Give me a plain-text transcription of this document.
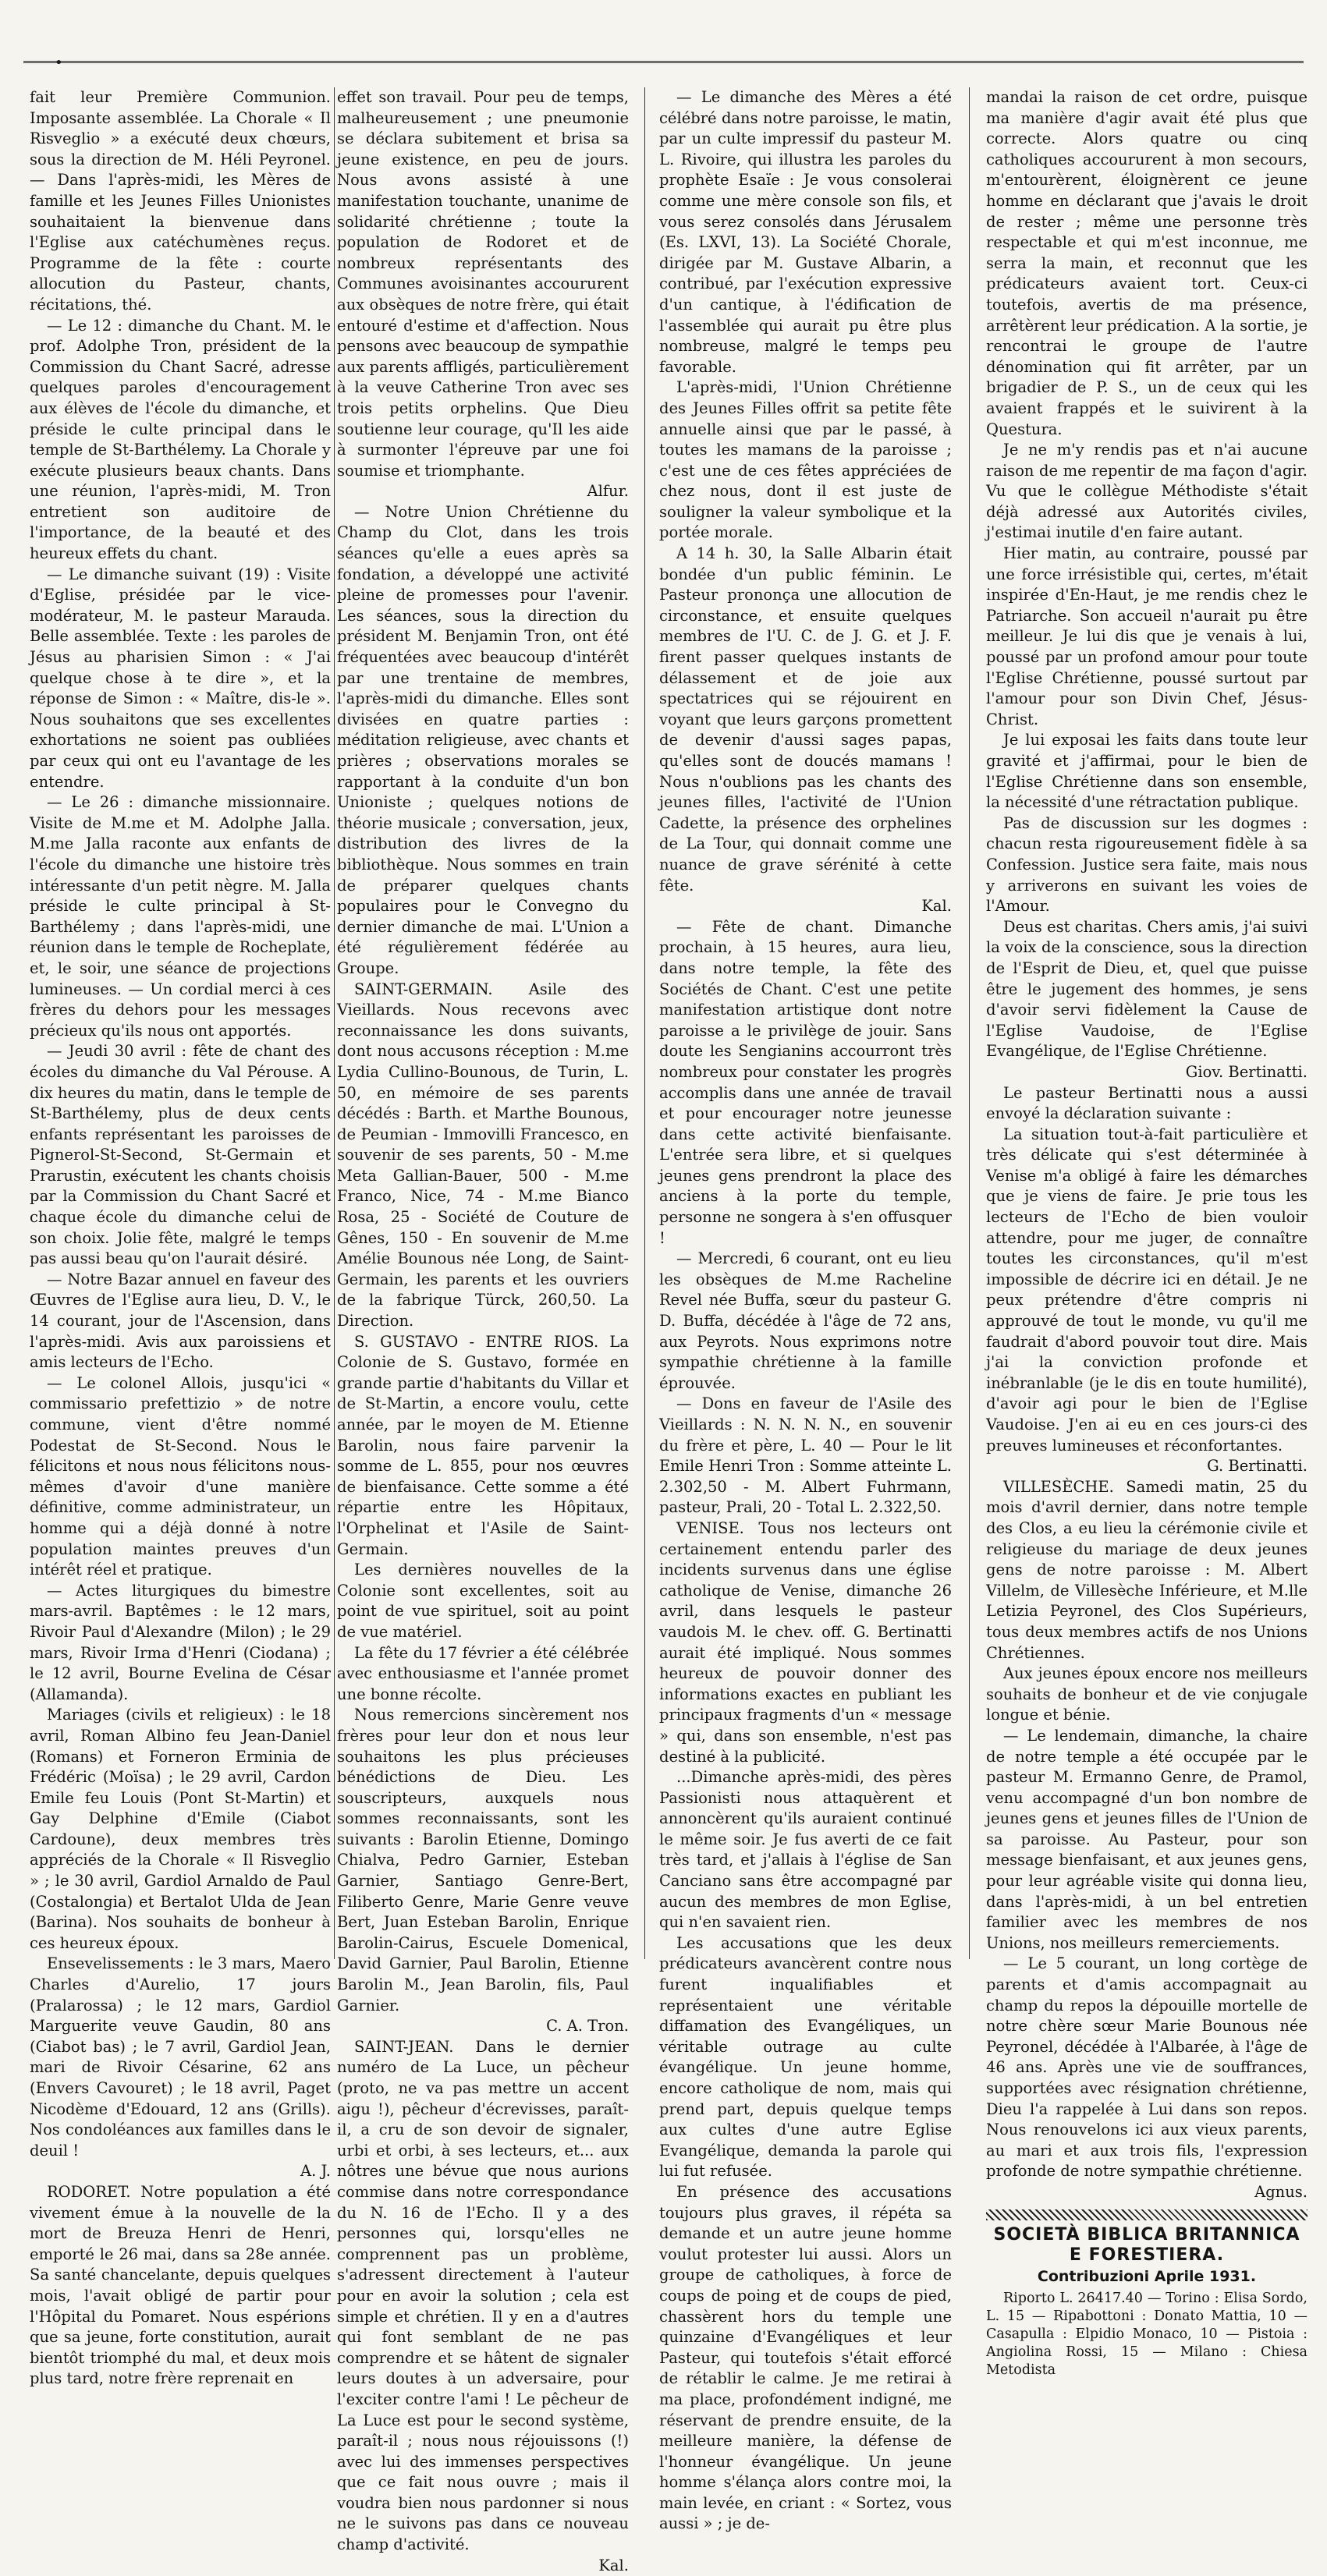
•

fait leur Première Communion. Imposante assemblée. La Chorale « Il Risveglio » a exécuté deux chœurs, sous la direction de M. Héli Peyronel. — Dans l'après-midi, les Mères de famille et les Jeunes Filles Unionistes souhaitaient la bienvenue dans l'Eglise aux catéchumènes reçus. Programme de la fête : courte allocution du Pasteur, chants, récitations, thé.

— Le 12 : dimanche du Chant. M. le prof. Adolphe Tron, président de la Commission du Chant Sacré, adresse quelques paroles d'encouragement aux élèves de l'école du dimanche, et préside le culte principal dans le temple de St-Barthélemy. La Chorale y exécute plusieurs beaux chants. Dans une réunion, l'après-midi, M. Tron entretient son auditoire de l'importance, de la beauté et des heureux effets du chant.

— Le dimanche suivant (19) : Visite d'Eglise, présidée par le vice-modérateur, M. le pasteur Marauda. Belle assemblée. Texte : les paroles de Jésus au pharisien Simon : « J'ai quelque chose à te dire », et la réponse de Simon : « Maître, dis-le ». Nous souhaitons que ses excellentes exhortations ne soient pas oubliées par ceux qui ont eu l'avantage de les entendre.

— Le 26 : dimanche missionnaire. Visite de M.me et M. Adolphe Jalla. M.me Jalla raconte aux enfants de l'école du dimanche une histoire très intéressante d'un petit nègre. M. Jalla préside le culte principal à St-Barthélemy ; dans l'après-midi, une réunion dans le temple de Rocheplate, et, le soir, une séance de projections lumineuses. — Un cordial merci à ces frères du dehors pour les messages précieux qu'ils nous ont apportés.

— Jeudi 30 avril : fête de chant des écoles du dimanche du Val Pérouse. A dix heures du matin, dans le temple de St-Barthélemy, plus de deux cents enfants représentant les paroisses de Pignerol-St-Second, St-Germain et Prarustin, exécutent les chants choisis par la Commission du Chant Sacré et chaque école du dimanche celui de son choix. Jolie fête, malgré le temps pas aussi beau qu'on l'aurait désiré.

— Notre Bazar annuel en faveur des Œuvres de l'Eglise aura lieu, D. V., le 14 courant, jour de l'Ascension, dans l'après-midi. Avis aux paroissiens et amis lecteurs de l'Echo.

— Le colonel Allois, jusqu'ici « commissario prefettizio » de notre commune, vient d'être nommé Podestat de St-Second. Nous le félicitons et nous nous félicitons nous-mêmes d'avoir d'une manière définitive, comme administrateur, un homme qui a déjà donné à notre population maintes preuves d'un intérêt réel et pratique.

— Actes liturgiques du bimestre mars-avril. Baptêmes : le 12 mars, Rivoir Paul d'Alexandre (Milon) ; le 29 mars, Rivoir Irma d'Henri (Ciodana) ; le 12 avril, Bourne Evelina de César (Allamanda).

Mariages (civils et religieux) : le 18 avril, Roman Albino feu Jean-Daniel (Romans) et Forneron Erminia de Frédéric (Moïsa) ; le 29 avril, Cardon Emile feu Louis (Pont St-Martin) et Gay Delphine d'Emile (Ciabot Cardoune), deux membres très appréciés de la Chorale « Il Risveglio » ; le 30 avril, Gardiol Arnaldo de Paul (Costalongia) et Bertalot Ulda de Jean (Barina). Nos souhaits de bonheur à ces heureux époux.

Ensevelissements : le 3 mars, Maero Charles d'Aurelio, 17 jours (Pralarossa) ; le 12 mars, Gardiol Marguerite veuve Gaudin, 80 ans (Ciabot bas) ; le 7 avril, Gardiol Jean, mari de Rivoir Césarine, 62 ans (Envers Cavouret) ; le 18 avril, Paget Nicodème d'Edouard, 12 ans (Grills). Nos condoléances aux familles dans le deuil !

A. J.

RODORET. Notre population a été vivement émue à la nouvelle de la mort de Breuza Henri de Henri, emporté le 26 mai, dans sa 28e année. Sa santé chancelante, depuis quelques mois, l'avait obligé de partir pour l'Hôpital du Pomaret. Nous espérions que sa jeune, forte constitution, aurait bientôt triomphé du mal, et deux mois plus tard, notre frère reprenait en

effet son travail. Pour peu de temps, malheureusement ; une pneumonie se déclara subitement et brisa sa jeune existence, en peu de jours. Nous avons assisté à une manifestation touchante, unanime de solidarité chrétienne ; toute la population de Rodoret et de nombreux représentants des Communes avoisinantes accoururent aux obsèques de notre frère, qui était entouré d'estime et d'affection. Nous pensons avec beaucoup de sympathie aux parents affligés, particulièrement à la veuve Catherine Tron avec ses trois petits orphelins. Que Dieu soutienne leur courage, qu'Il les aide à surmonter l'épreuve par une foi soumise et triomphante.

Alfur.

— Notre Union Chrétienne du Champ du Clot, dans les trois séances qu'elle a eues après sa fondation, a développé une activité pleine de promesses pour l'avenir. Les séances, sous la direction du président M. Benjamin Tron, ont été fréquentées avec beaucoup d'intérêt par une trentaine de membres, l'après-midi du dimanche. Elles sont divisées en quatre parties : méditation religieuse, avec chants et prières ; observations morales se rapportant à la conduite d'un bon Unioniste ; quelques notions de théorie musicale ; conversation, jeux, distribution des livres de la bibliothèque. Nous sommes en train de préparer quelques chants populaires pour le Convegno du dernier dimanche de mai. L'Union a été régulièrement fédérée au Groupe.

SAINT-GERMAIN. Asile des Vieillards. Nous recevons avec reconnaissance les dons suivants, dont nous accusons réception : M.me Lydia Cullino-Bounous, de Turin, L. 50, en mémoire de ses parents décédés : Barth. et Marthe Bounous, de Peumian - Immovilli Francesco, en souvenir de ses parents, 50 - M.me Meta Gallian-Bauer, 500 - M.me Franco, Nice, 74 - M.me Bianco Rosa, 25 - Société de Couture de Gênes, 150 - En souvenir de M.me Amélie Bounous née Long, de Saint-Germain, les parents et les ouvriers de la fabrique Türck, 260,50. La Direction.

S. GUSTAVO - ENTRE RIOS. La Colonie de S. Gustavo, formée en grande partie d'habitants du Villar et de St-Martin, a encore voulu, cette année, par le moyen de M. Etienne Barolin, nous faire parvenir la somme de L. 855, pour nos œuvres de bienfaisance. Cette somme a été répartie entre les Hôpitaux, l'Orphelinat et l'Asile de Saint-Germain.

Les dernières nouvelles de la Colonie sont excellentes, soit au point de vue spirituel, soit au point de vue matériel.

La fête du 17 février a été célébrée avec enthousiasme et l'année promet une bonne récolte.

Nous remercions sincèrement nos frères pour leur don et nous leur souhaitons les plus précieuses bénédictions de Dieu. Les souscripteurs, auxquels nous sommes reconnaissants, sont les suivants : Barolin Etienne, Domingo Chialva, Pedro Garnier, Esteban Garnier, Santiago Genre-Bert, Filiberto Genre, Marie Genre veuve Bert, Juan Esteban Barolin, Enrique Barolin-Cairus, Escuele Domenical, David Garnier, Paul Barolin, Etienne Barolin M., Jean Barolin, fils, Paul Garnier.

C. A. Tron.

SAINT-JEAN. Dans le dernier numéro de La Luce, un pêcheur (proto, ne va pas mettre un accent aigu !), pêcheur d'écrevisses, paraît-il, a cru de son devoir de signaler, urbi et orbi, à ses lecteurs, et... aux nôtres une bévue que nous aurions commise dans notre correspondance du N. 16 de l'Echo. Il y a des personnes qui, lorsqu'elles ne comprennent pas un problème, s'adressent directement à l'auteur pour en avoir la solution ; cela est simple et chrétien. Il y en a d'autres qui font semblant de ne pas comprendre et se hâtent de signaler leurs doutes à un adversaire, pour l'exciter contre l'ami ! Le pêcheur de La Luce est pour le second système, paraît-il ; nous nous réjouissons (!) avec lui des immenses perspectives que ce fait nous ouvre ; mais il voudra bien nous pardonner si nous ne le suivons pas dans ce nouveau champ d'activité.

Kal.

— Le dimanche des Mères a été célébré dans notre paroisse, le matin, par un culte impressif du pasteur M. L. Rivoire, qui illustra les paroles du prophète Esaïe : Je vous consolerai comme une mère console son fils, et vous serez consolés dans Jérusalem (Es. LXVI, 13). La Société Chorale, dirigée par M. Gustave Albarin, a contribué, par l'exécution expressive d'un cantique, à l'édification de l'assemblée qui aurait pu être plus nombreuse, malgré le temps peu favorable.

L'après-midi, l'Union Chrétienne des Jeunes Filles offrit sa petite fête annuelle ainsi que par le passé, à toutes les mamans de la paroisse ; c'est une de ces fêtes appréciées de chez nous, dont il est juste de souligner la valeur symbolique et la portée morale.

A 14 h. 30, la Salle Albarin était bondée d'un public féminin. Le Pasteur prononça une allocution de circonstance, et ensuite quelques membres de l'U. C. de J. G. et J. F. firent passer quelques instants de délassement et de joie aux spectatrices qui se réjouirent en voyant que leurs garçons promettent de devenir d'aussi sages papas, qu'elles sont de doucés mamans ! Nous n'oublions pas les chants des jeunes filles, l'activité de l'Union Cadette, la présence des orphelines de La Tour, qui donnait comme une nuance de grave sérénité à cette fête.

Kal.

— Fête de chant. Dimanche prochain, à 15 heures, aura lieu, dans notre temple, la fête des Sociétés de Chant. C'est une petite manifestation artistique dont notre paroisse a le privilège de jouir. Sans doute les Sengianins accourront très nombreux pour constater les progrès accomplis dans une année de travail et pour encourager notre jeunesse dans cette activité bienfaisante. L'entrée sera libre, et si quelques jeunes gens prendront la place des anciens à la porte du temple, personne ne songera à s'en offusquer !

— Mercredi, 6 courant, ont eu lieu les obsèques de M.me Racheline Revel née Buffa, sœur du pasteur G. D. Buffa, décédée à l'âge de 72 ans, aux Peyrots. Nous exprimons notre sympathie chrétienne à la famille éprouvée.

— Dons en faveur de l'Asile des Vieillards : N. N. N. N., en souvenir du frère et père, L. 40 — Pour le lit Emile Henri Tron : Somme atteinte L. 2.302,50 - M. Albert Fuhrmann, pasteur, Prali, 20 - Total L. 2.322,50.

VENISE. Tous nos lecteurs ont certainement entendu parler des incidents survenus dans une église catholique de Venise, dimanche 26 avril, dans lesquels le pasteur vaudois M. le chev. off. G. Bertinatti aurait été impliqué. Nous sommes heureux de pouvoir donner des informations exactes en publiant les principaux fragments d'un « message » qui, dans son ensemble, n'est pas destiné à la publicité.

...Dimanche après-midi, des pères Passionisti nous attaquèrent et annoncèrent qu'ils auraient continué le même soir. Je fus averti de ce fait très tard, et j'allais à l'église de San Canciano sans être accompagné par aucun des membres de mon Eglise, qui n'en savaient rien.

Les accusations que les deux prédicateurs avancèrent contre nous furent inqualifiables et représentaient une véritable diffamation des Evangéliques, un véritable outrage au culte évangélique. Un jeune homme, encore catholique de nom, mais qui prend part, depuis quelque temps aux cultes d'une autre Eglise Evangélique, demanda la parole qui lui fut refusée.

En présence des accusations toujours plus graves, il répéta sa demande et un autre jeune homme voulut protester lui aussi. Alors un groupe de catholiques, à force de coups de poing et de coups de pied, chassèrent hors du temple une quinzaine d'Evangéliques et leur Pasteur, qui toutefois s'était efforcé de rétablir le calme. Je me retirai à ma place, profondément indigné, me réservant de prendre ensuite, de la meilleure manière, la défense de l'honneur évangélique. Un jeune homme s'élança alors contre moi, la main levée, en criant : « Sortez, vous aussi » ; je de-

mandai la raison de cet ordre, puisque ma manière d'agir avait été plus que correcte. Alors quatre ou cinq catholiques accoururent à mon secours, m'entourèrent, éloignèrent ce jeune homme en déclarant que j'avais le droit de rester ; même une personne très respectable et qui m'est inconnue, me serra la main, et reconnut que les prédicateurs avaient tort. Ceux-ci toutefois, avertis de ma présence, arrêtèrent leur prédication. A la sortie, je rencontrai le groupe de l'autre dénomination qui fit arrêter, par un brigadier de P. S., un de ceux qui les avaient frappés et le suivirent à la Questura.

Je ne m'y rendis pas et n'ai aucune raison de me repentir de ma façon d'agir. Vu que le collègue Méthodiste s'était déjà adressé aux Autorités civiles, j'estimai inutile d'en faire autant.

Hier matin, au contraire, poussé par une force irrésistible qui, certes, m'était inspirée d'En-Haut, je me rendis chez le Patriarche. Son accueil n'aurait pu être meilleur. Je lui dis que je venais à lui, poussé par un profond amour pour toute l'Eglise Chrétienne, poussé surtout par l'amour pour son Divin Chef, Jésus-Christ.

Je lui exposai les faits dans toute leur gravité et j'affirmai, pour le bien de l'Eglise Chrétienne dans son ensemble, la nécessité d'une rétractation publique.

Pas de discussion sur les dogmes : chacun resta rigoureusement fidèle à sa Confession. Justice sera faite, mais nous y arriverons en suivant les voies de l'Amour.

Deus est charitas. Chers amis, j'ai suivi la voix de la conscience, sous la direction de l'Esprit de Dieu, et, quel que puisse être le jugement des hommes, je sens d'avoir servi fidèlement la Cause de l'Eglise Vaudoise, de l'Eglise Evangélique, de l'Eglise Chrétienne.

Giov. Bertinatti.

Le pasteur Bertinatti nous a aussi envoyé la déclaration suivante :

La situation tout-à-fait particulière et très délicate qui s'est déterminée à Venise m'a obligé à faire les démarches que je viens de faire. Je prie tous les lecteurs de l'Echo de bien vouloir attendre, pour me juger, de connaître toutes les circonstances, qu'il m'est impossible de décrire ici en détail. Je ne peux prétendre d'être compris ni approuvé de tout le monde, vu qu'il me faudrait d'abord pouvoir tout dire. Mais j'ai la conviction profonde et inébranlable (je le dis en toute humilité), d'avoir agi pour le bien de l'Eglise Vaudoise. J'en ai eu en ces jours-ci des preuves lumineuses et réconfortantes.

G. Bertinatti.

VILLESÈCHE. Samedi matin, 25 du mois d'avril dernier, dans notre temple des Clos, a eu lieu la cérémonie civile et religieuse du mariage de deux jeunes gens de notre paroisse : M. Albert Villelm, de Villesèche Inférieure, et M.lle Letizia Peyronel, des Clos Supérieurs, tous deux membres actifs de nos Unions Chrétiennes.

Aux jeunes époux encore nos meilleurs souhaits de bonheur et de vie conjugale longue et bénie.

— Le lendemain, dimanche, la chaire de notre temple a été occupée par le pasteur M. Ermanno Genre, de Pramol, venu accompagné d'un bon nombre de jeunes gens et jeunes filles de l'Union de sa paroisse. Au Pasteur, pour son message bienfaisant, et aux jeunes gens, pour leur agréable visite qui donna lieu, dans l'après-midi, à un bel entretien familier avec les membres de nos Unions, nos meilleurs remerciements.

— Le 5 courant, un long cortège de parents et d'amis accompagnait au champ du repos la dépouille mortelle de notre chère sœur Marie Bounous née Peyronel, décédée à l'Albarée, à l'âge de 46 ans. Après une vie de souffrances, supportées avec résignation chrétienne, Dieu l'a rappelée à Lui dans son repos. Nous renouvelons ici aux vieux parents, au mari et aux trois fils, l'expression profonde de notre sympathie chrétienne.

Agnus.

SOCIETÀ BIBLICA BRITANNICA E FORESTIERA.
Contribuzioni Aprile 1931.

Riporto L. 26417.40 — Torino : Elisa Sordo, L. 15 — Ripabottoni : Donato Mattia, 10 — Casapulla : Elpidio Monaco, 10 — Pistoia : Angiolina Rossi, 15 — Milano : Chiesa Metodista
